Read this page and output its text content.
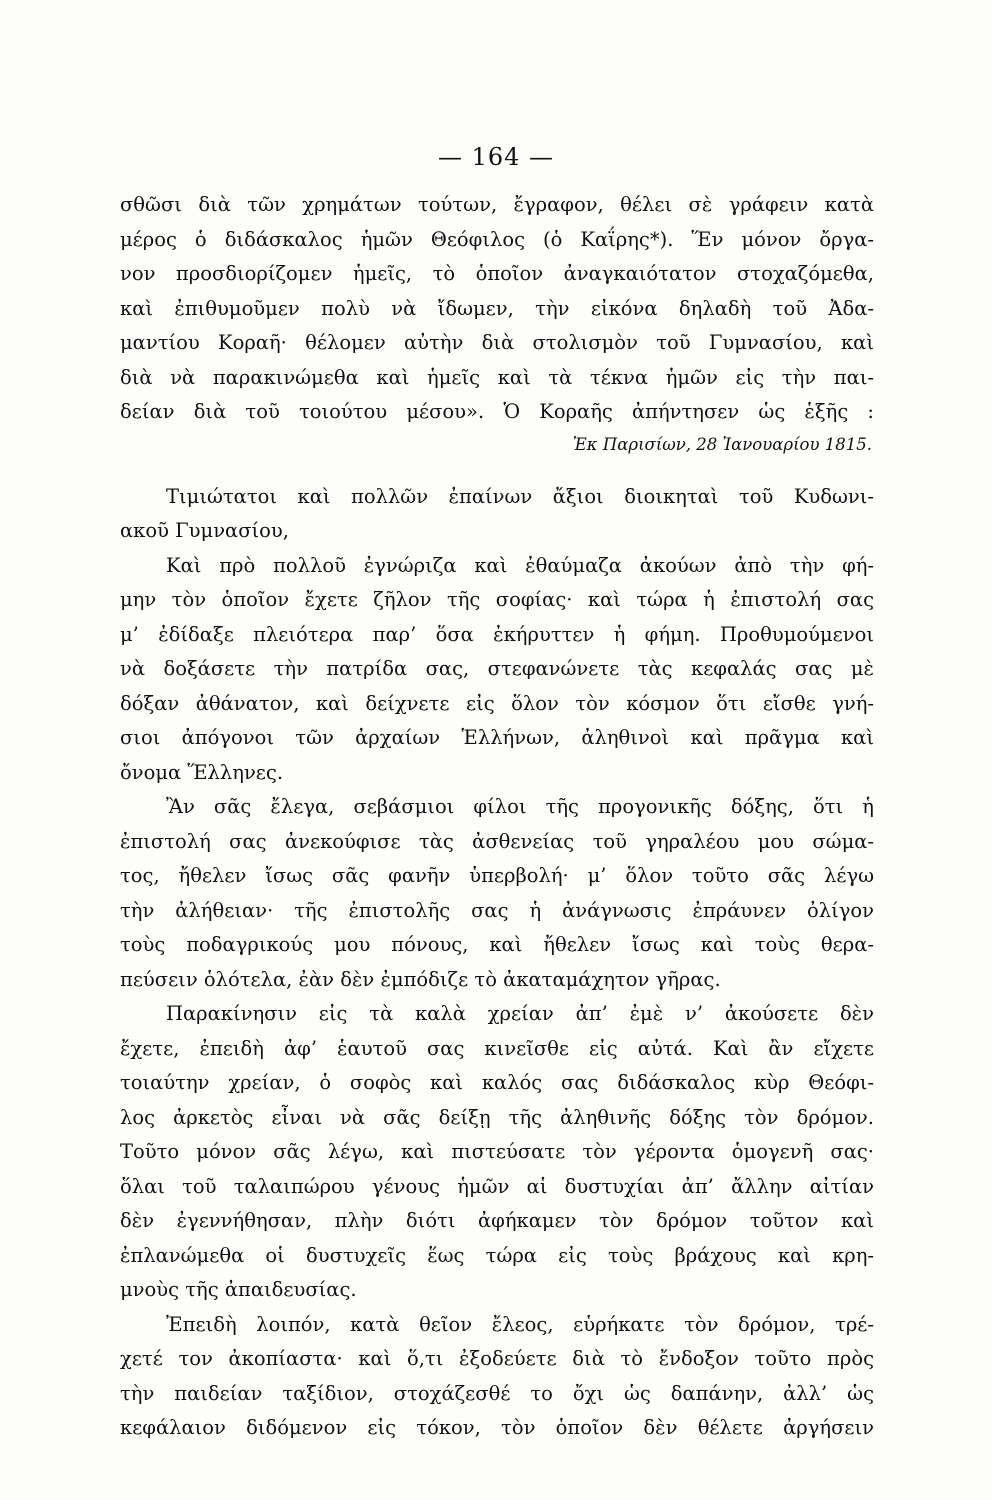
— 164 —
σθῶσι διὰ τῶν χρημάτων τούτων, ἔγραφον, θέλει σὲ γράφειν κατὰ
μέρος ὁ διδάσκαλος ἡμῶν Θεόφιλος (ὁ Καΐρης*). Ἕν μόνον ὄργα-
νον προσδιορίζομεν ἡμεῖς, τὸ ὁποῖον ἀναγκαιότατον στοχαζόμεθα,
καὶ ἐπιθυμοῦμεν πολὺ νὰ ἴδωμεν, τὴν εἰκόνα δηλαδὴ τοῦ Ἀδα-
μαντίου Κοραῆ· θέλομεν αὐτὴν διὰ στολισμὸν τοῦ Γυμνασίου, καὶ
διὰ νὰ παρακινώμεθα καὶ ἡμεῖς καὶ τὰ τέκνα ἡμῶν εἰς τὴν παι-
δείαν διὰ τοῦ τοιούτου μέσου». Ὁ Κοραῆς ἀπήντησεν ὡς ἑξῆς :
Ἐκ Παρισίων, 28 Ἰανουαρίου 1815.
Τιμιώτατοι καὶ πολλῶν ἐπαίνων ἄξιοι διοικηταὶ τοῦ Κυδωνι-
ακοῦ Γυμνασίου,
Καὶ πρὸ πολλοῦ ἐγνώριζα καὶ ἐθαύμαζα ἀκούων ἀπὸ τὴν φή-
μην τὸν ὁποῖον ἔχετε ζῆλον τῆς σοφίας· καὶ τώρα ἡ ἐπιστολή σας
μ’ ἐδίδαξε πλειότερα παρ’ ὅσα ἐκήρυττεν ἡ φήμη. Προθυμούμενοι
νὰ δοξάσετε τὴν πατρίδα σας, στεφανώνετε τὰς κεφαλάς σας μὲ
δόξαν ἀθάνατον, καὶ δείχνετε εἰς ὅλον τὸν κόσμον ὅτι εἴσθε γνή-
σιοι ἀπόγονοι τῶν ἀρχαίων Ἑλλήνων, ἀληθινοὶ καὶ πρᾶγμα καὶ
ὄνομα Ἕλληνες.
Ἂν σᾶς ἔλεγα, σεβάσμιοι φίλοι τῆς προγονικῆς δόξης, ὅτι ἡ
ἐπιστολή σας ἀνεκούφισε τὰς ἀσθενείας τοῦ γηραλέου μου σώμα-
τος, ἤθελεν ἴσως σᾶς φανῆν ὑπερβολή· μ’ ὅλον τοῦτο σᾶς λέγω
τὴν ἀλήθειαν· τῆς ἐπιστολῆς σας ἡ ἀνάγνωσις ἐπράυνεν ὀλίγον
τοὺς ποδαγρικούς μου πόνους, καὶ ἤθελεν ἴσως καὶ τοὺς θερα-
πεύσειν ὁλότελα, ἐὰν δὲν ἐμπόδιζε τὸ ἀκαταμάχητον γῆρας.
Παρακίνησιν εἰς τὰ καλὰ χρείαν ἀπ’ ἐμὲ ν’ ἀκούσετε δὲν
ἔχετε, ἐπειδὴ ἀφ’ ἑαυτοῦ σας κινεῖσθε εἰς αὐτά. Καὶ ἂν εἴχετε
τοιαύτην χρείαν, ὁ σοφὸς καὶ καλός σας διδάσκαλος κὺρ Θεόφι-
λος ἀρκετὸς εἶναι νὰ σᾶς δείξῃ τῆς ἀληθινῆς δόξης τὸν δρόμον.
Τοῦτο μόνον σᾶς λέγω, καὶ πιστεύσατε τὸν γέροντα ὁμογενῆ σας·
ὅλαι τοῦ ταλαιπώρου γένους ἡμῶν αἱ δυστυχίαι ἀπ’ ἄλλην αἰτίαν
δὲν ἐγεννήθησαν, πλὴν διότι ἀφήκαμεν τὸν δρόμον τοῦτον καὶ
ἐπλανώμεθα οἱ δυστυχεῖς ἕως τώρα εἰς τοὺς βράχους καὶ κρη-
μνοὺς τῆς ἀπαιδευσίας.
Ἐπειδὴ λοιπόν, κατὰ θεῖον ἔλεος, εὑρήκατε τὸν δρόμον, τρέ-
χετέ τον ἀκοπίαστα· καὶ ὅ,τι ἐξοδεύετε διὰ τὸ ἔνδοξον τοῦτο πρὸς
τὴν παιδείαν ταξίδιον, στοχάζεσθέ το ὄχι ὡς δαπάνην, ἀλλ’ ὡς
κεφάλαιον διδόμενον εἰς τόκον, τὸν ὁποῖον δὲν θέλετε ἀργήσειν
